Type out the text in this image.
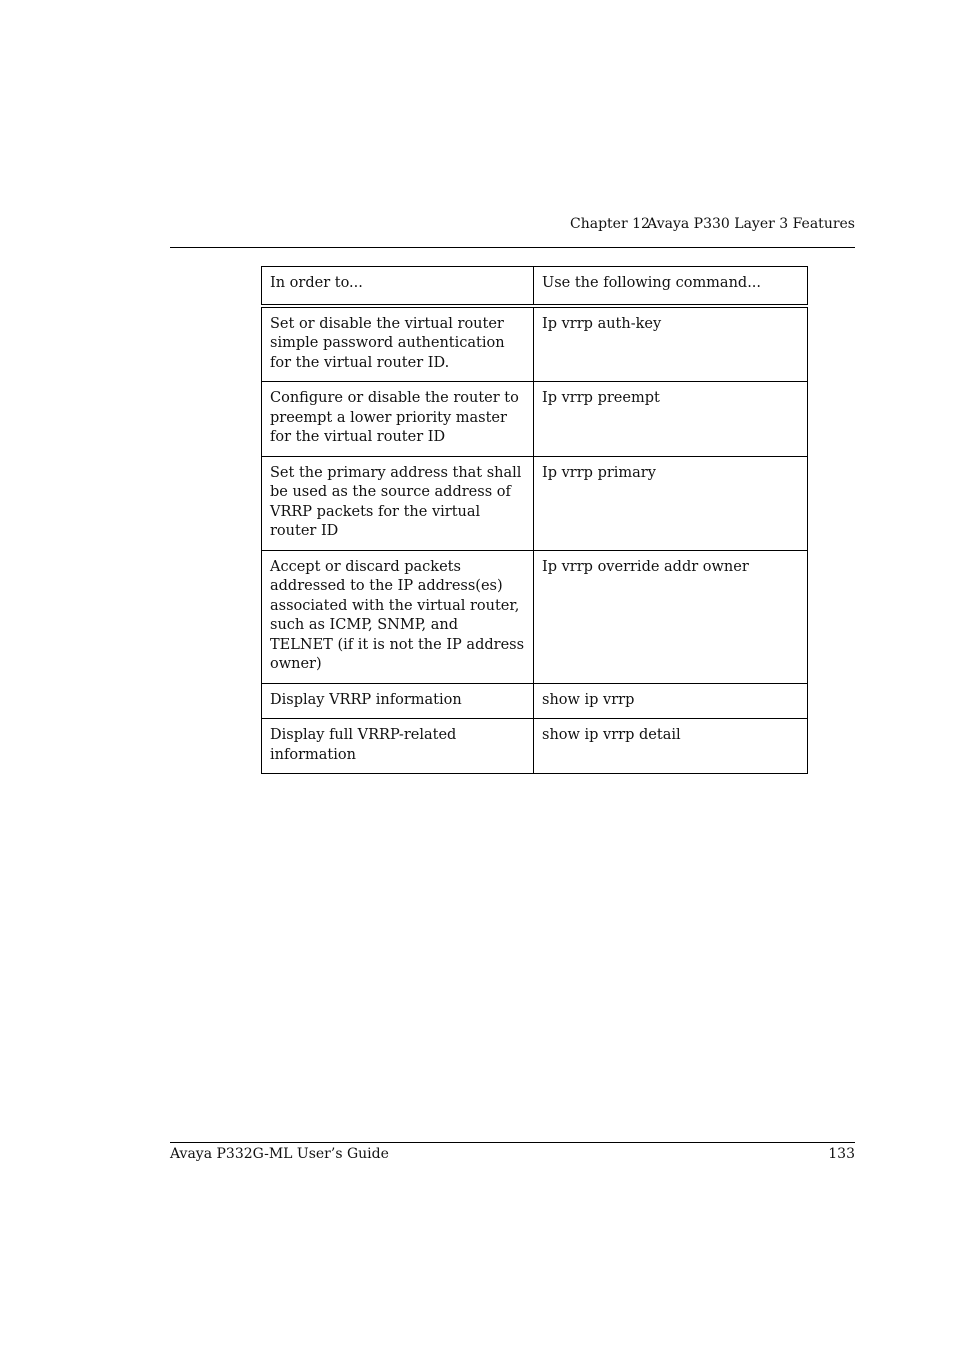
Chapter 12
Avaya P330 Layer 3 Features
In order to...	Use the following command...
Set or disable the virtual router simple password authentication for the virtual router ID.	Ip vrrp auth-key
Configure or disable the router to preempt a lower priority master for the virtual router ID	Ip vrrp preempt
Set the primary address that shall be used as the source address of VRRP packets for the virtual router ID	Ip vrrp primary
Accept or discard packets addressed to the IP address(es) associated with the virtual router, such as ICMP, SNMP, and TELNET (if it is not the IP address owner)	Ip vrrp override addr owner
Display VRRP information	show ip vrrp
Display full VRRP-related information	show ip vrrp detail
Avaya P332G-ML User’s Guide	133
